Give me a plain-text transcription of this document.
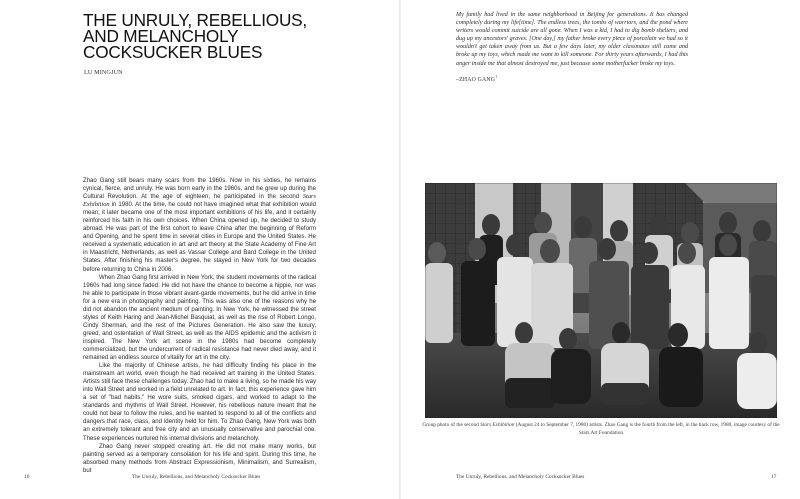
THE UNRULY, REBELLIOUS,
AND MELANCHOLY
COCKSUCKER BLUES
LU MINGJUN

Zhao Gang still bears many scars from the 1960s. Now in his sixties, he remains cynical, fierce, and unruly. He was born early in the 1960s, and he grew up during the Cultural Revolution. At the age of eighteen, he participated in the second Stars Exhibition in 1980. At the time, he could not have imagined what that exhibition would mean; it later became one of the most important exhibitions of his life, and it certainly reinforced his faith in his own choices. When China opened up, he decided to study abroad. He was part of the first cohort to leave China after the beginning of Reform and Opening, and he spent time in several cities in Europe and the United States. He received a systematic education in art and art theory at the State Academy of Fine Art in Maastricht, Netherlands, as well as Vassar College and Bard College in the United States. After finishing his master's degree, he stayed in New York for two decades before returning to China in 2006.

When Zhao Gang first arrived in New York, the student movements of the radical 1960s had long since faded. He did not have the chance to become a hippie, nor was he able to participate in those vibrant avant-garde movements, but he did arrive in time for a new era in photography and painting. This was also one of the reasons why he did not abandon the ancient medium of painting. In New York, he witnessed the street styles of Keith Haring and Jean-Michel Basquiat, as well as the rise of Robert Longo, Cindy Sherman, and the rest of the Pictures Generation. He also saw the luxury, greed, and ostentation of Wall Street, as well as the AIDS epidemic and the activism it inspired. The New York art scene in the 1980s had become completely commercialized, but the undercurrent of radical resistance had never died away, and it remained an endless source of vitality for art in the city.

Like the majority of Chinese artists, he had difficulty finding his place in the mainstream art world, even though he had received art training in the United States. Artists still face these challenges today. Zhao had to make a living, so he made his way into Wall Street and worked in a field unrelated to art. In fact, this experience gave him a set of "bad habits." He wore suits, smoked cigars, and worked to adapt to the standards and rhythms of Wall Street. However, his rebellious nature meant that he could not bear to follow the rules, and he wanted to respond to all of the conflicts and dangers that race, class, and identity held for him. To Zhao Gang, New York was both an extremely tolerant and free city and an unusually conservative and parochial one. These experiences nurtured his internal divisions and melancholy.

Zhao Gang never stopped creating art. He did not make many works, but painting served as a temporary consolation for his life and spirit. During this time, he absorbed many methods from Abstract Expressionism, Minimalism, and Surrealism, but

16	The Unruly, Rebellious, and Melancholy Cocksucker Blues
My family had lived in the same neighborhood in Beijing for generations. It has changed completely during my life[time]. The endless trees, the tombs of warriors, and the pond where writers would commit suicide are all gone. When I was a kid, I had to dig bomb shelters, and dug up my ancestors' graves. [One day,] my father broke every piece of porcelain we had so it wouldn't get taken away from us. But a few days later, my older classmates still came and broke up my toys, which made me want to kill someone. For thirty years afterwards, I had this anger inside me that almost destroyed me, just because some motherfucker broke my toys.
–ZHAO GANG$^1$
Group photo of the second Stars Exhibition (August 24 to September 7, 1980) artists. Zhao Gang is the fourth from the left, in the back row, 1980, image courtesy of the Stars Art Foundation
The Unruly, Rebellious, and Melancholy Cocksucker Blues	17
